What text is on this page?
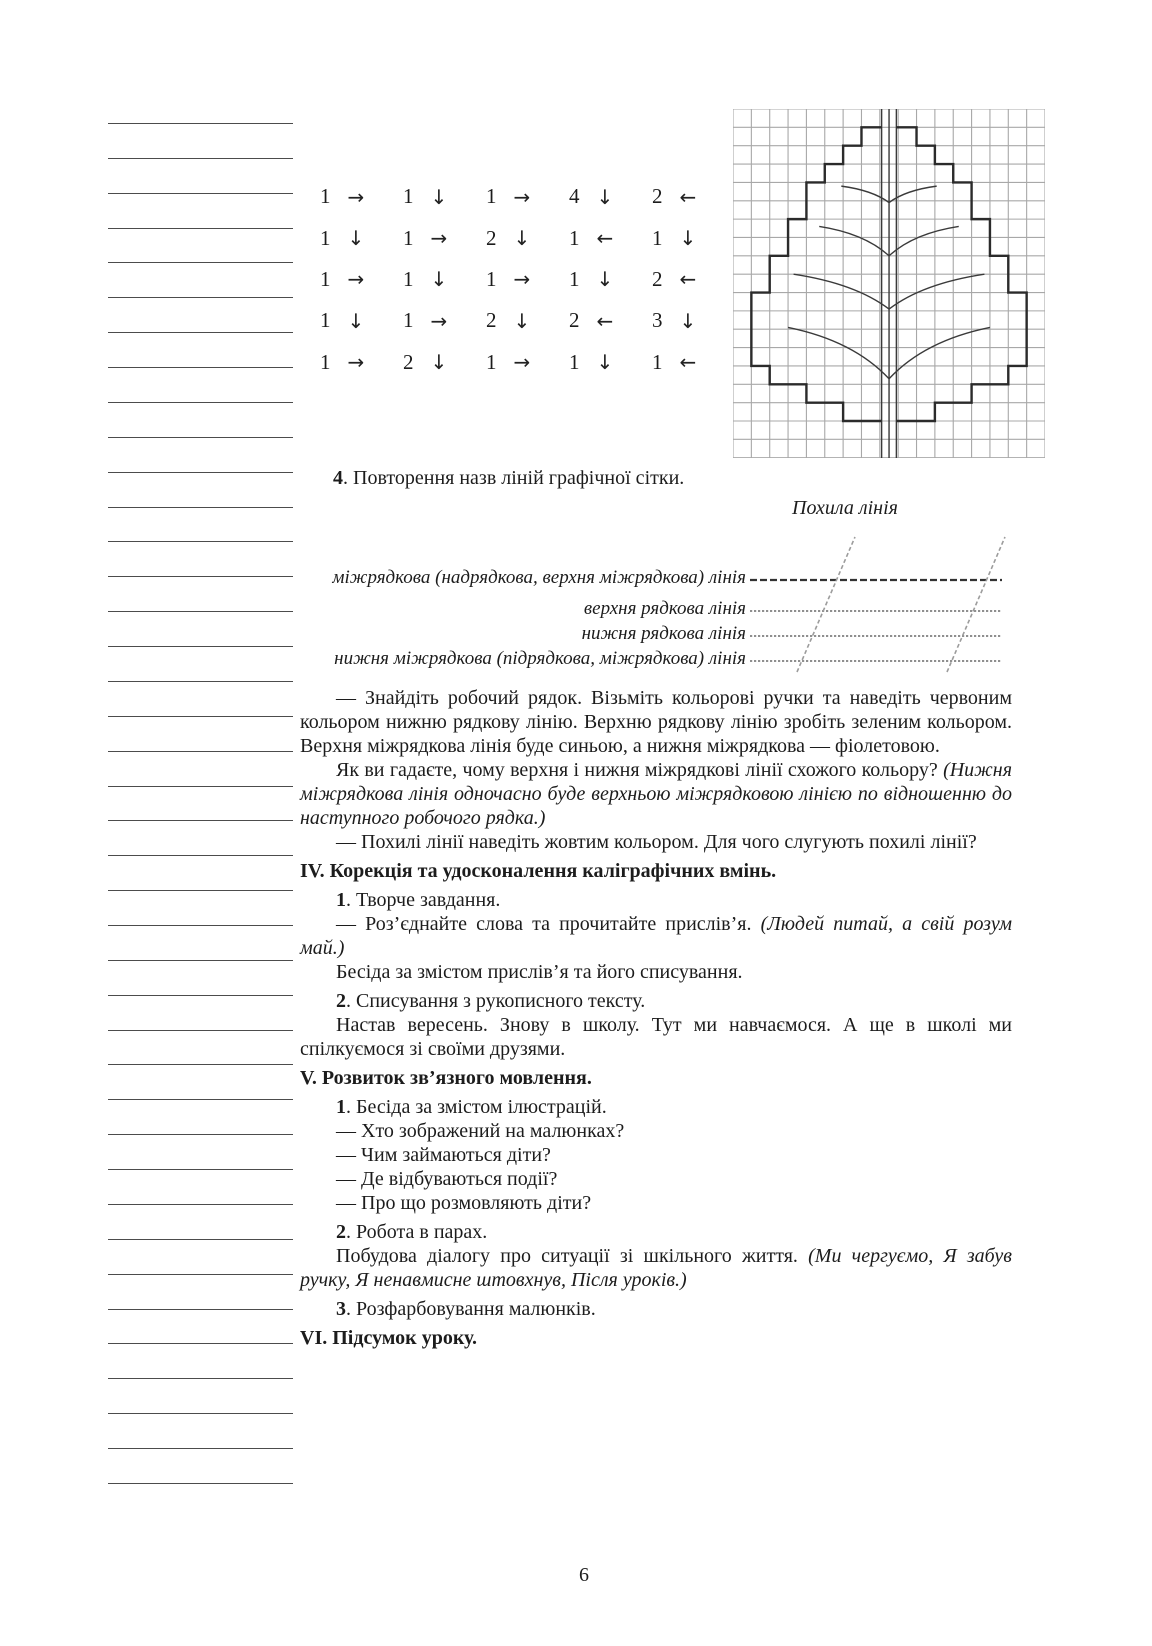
1 → 1 ↓ 1 → 4 ↓ 2 ←
1 ↓ 1 → 2 ↓ 1 ← 1 ↓
1 → 1 ↓ 1 → 1 ↓ 2 ←
1 ↓ 1 → 2 ↓ 2 ← 3 ↓
1 → 2 ↓ 1 → 1 ↓ 1 ←

4. Повторення назв ліній графічної сітки.

Похила лінія
міжрядкова (надрядкова, верхня міжрядкова) лінія
верхня рядкова лінія
нижня рядкова лінія
нижня міжрядкова (підрядкова, міжрядкова) лінія

— Знайдіть робочий рядок. Візьміть кольорові ручки та наведіть червоним кольором нижню рядкову лінію. Верхню рядкову лінію зробіть зеленим кольором. Верхня міжрядкова лінія буде синьою, а нижня міжрядкова — фіолетовою.

Як ви гадаєте, чому верхня і нижня міжрядкові лінії схожого кольору? (Нижня міжрядкова лінія одночасно буде верхньою міжрядковою лінією по відношенню до наступного робочого рядка.)

— Похилі лінії наведіть жовтим кольором. Для чого слугують похилі лінії?

IV. Корекція та удосконалення каліграфічних вмінь.

1. Творче завдання.

— Роз’єднайте слова та прочитайте прислів’я. (Людей питай, а свій розум май.)

Бесіда за змістом прислів’я та його списування.

2. Списування з рукописного тексту.

Настав вересень. Знову в школу. Тут ми навчаємося. А ще в школі ми спілкуємося зі своїми друзями.

V. Розвиток зв’язного мовлення.

1. Бесіда за змістом ілюстрацій.

— Хто зображений на малюнках?

— Чим займаються діти?

— Де відбуваються події?

— Про що розмовляють діти?

2. Робота в парах.

Побудова діалогу про ситуації зі шкільного життя. (Ми чергуємо, Я забув ручку, Я ненавмисне штовхнув, Після уроків.)

3. Розфарбовування малюнків.

VI. Підсумок уроку.

6
